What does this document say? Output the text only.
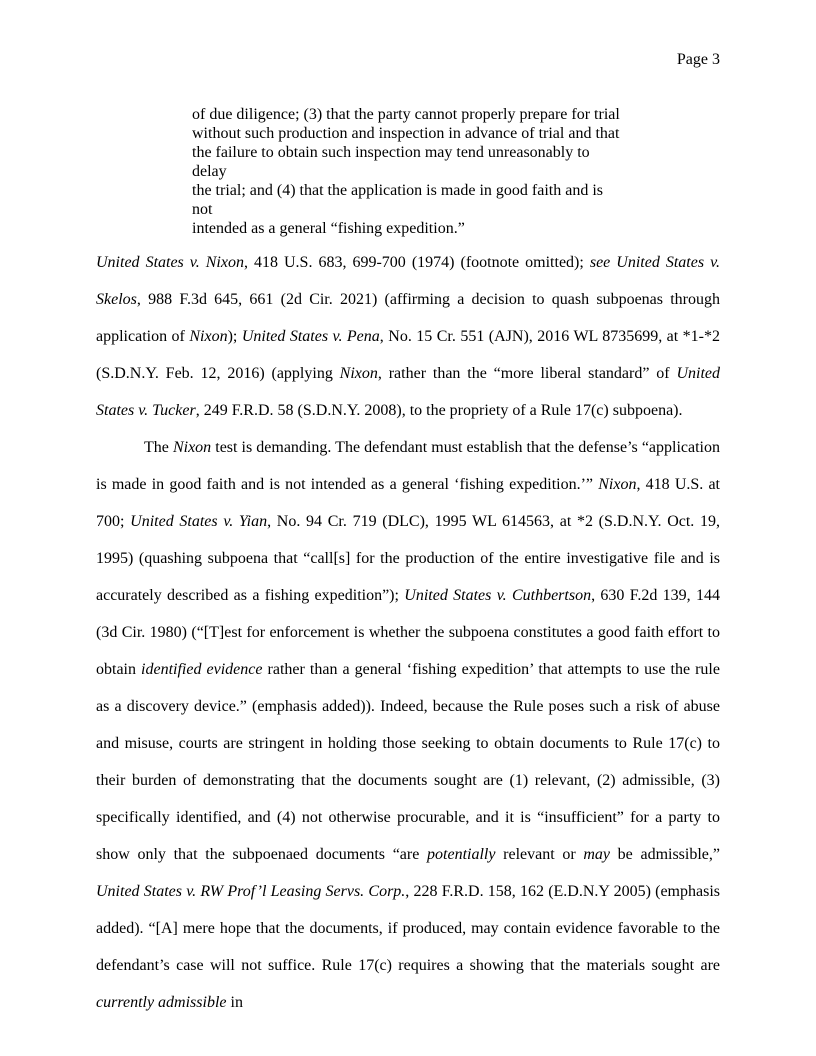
Page 3
of due diligence; (3) that the party cannot properly prepare for trial
without such production and inspection in advance of trial and that
the failure to obtain such inspection may tend unreasonably to delay
the trial; and (4) that the application is made in good faith and is not
intended as a general “fishing expedition.”

United States v. Nixon, 418 U.S. 683, 699-700 (1974) (footnote omitted); see United States v. Skelos, 988 F.3d 645, 661 (2d Cir. 2021) (affirming a decision to quash subpoenas through application of Nixon); United States v. Pena, No. 15 Cr. 551 (AJN), 2016 WL 8735699, at *1-*2 (S.D.N.Y. Feb. 12, 2016) (applying Nixon, rather than the “more liberal standard” of United States v. Tucker, 249 F.R.D. 58 (S.D.N.Y. 2008), to the propriety of a Rule 17(c) subpoena).

The Nixon test is demanding. The defendant must establish that the defense’s “application is made in good faith and is not intended as a general ‘fishing expedition.’” Nixon, 418 U.S. at 700; United States v. Yian, No. 94 Cr. 719 (DLC), 1995 WL 614563, at *2 (S.D.N.Y. Oct. 19, 1995) (quashing subpoena that “call[s] for the production of the entire investigative file and is accurately described as a fishing expedition”); United States v. Cuthbertson, 630 F.2d 139, 144 (3d Cir. 1980) (“[T]est for enforcement is whether the subpoena constitutes a good faith effort to obtain identified evidence rather than a general ‘fishing expedition’ that attempts to use the rule as a discovery device.” (emphasis added)). Indeed, because the Rule poses such a risk of abuse and misuse, courts are stringent in holding those seeking to obtain documents to Rule 17(c) to their burden of demonstrating that the documents sought are (1) relevant, (2) admissible, (3) specifically identified, and (4) not otherwise procurable, and it is “insufficient” for a party to show only that the subpoenaed documents “are potentially relevant or may be admissible,” United States v. RW Prof’l Leasing Servs. Corp., 228 F.R.D. 158, 162 (E.D.N.Y 2005) (emphasis added). “[A] mere hope that the documents, if produced, may contain evidence favorable to the defendant’s case will not suffice. Rule 17(c) requires a showing that the materials sought are currently admissible in
